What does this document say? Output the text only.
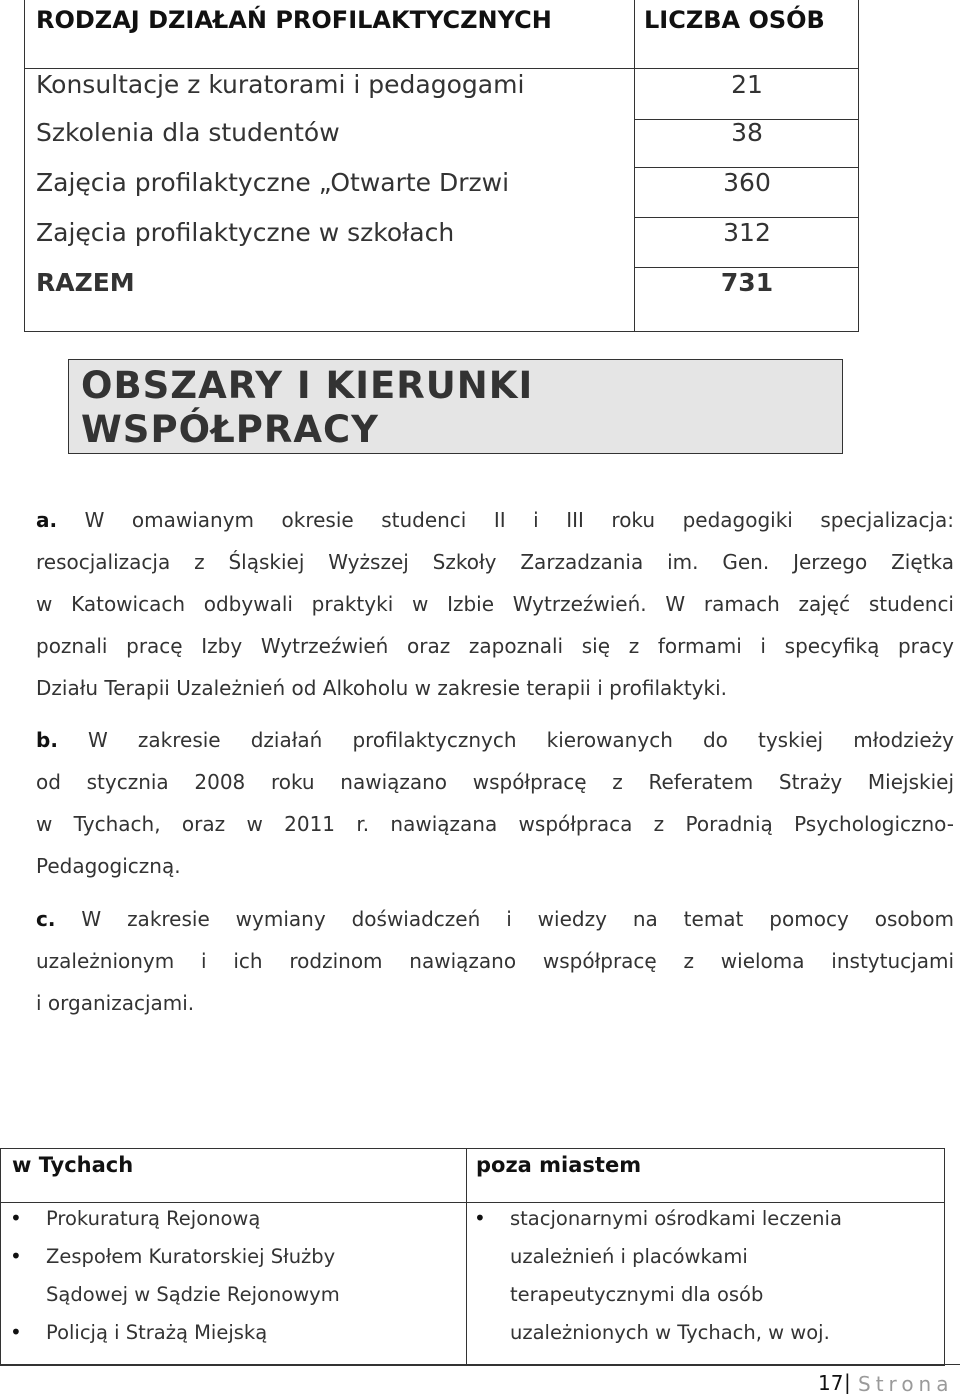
RODZAJ DZIAŁAŃ PROFILAKTYCZNYCH	LICZBA OSÓB
Konsultacje z kuratorami i pedagogami	21
Szkolenia dla studentów	38
Zajęcia profilaktyczne „Otwarte Drzwi	360
Zajęcia profilaktyczne w szkołach	312
RAZEM	731
OBSZARY I KIERUNKI
WSPÓŁPRACY
a. W omawianym okresie studenci II i III roku pedagogiki specjalizacja:
resocjalizacja z Śląskiej Wyższej Szkoły Zarzadzania im. Gen. Jerzego Ziętka
w Katowicach odbywali praktyki w Izbie Wytrzeźwień. W ramach zajęć studenci
poznali pracę Izby Wytrzeźwień oraz zapoznali się z formami i specyfiką pracy
Działu Terapii Uzależnień od Alkoholu w zakresie terapii i profilaktyki.
b. W zakresie działań profilaktycznych kierowanych do tyskiej młodzieży
od stycznia 2008 roku nawiązano współpracę z Referatem Straży Miejskiej
w Tychach, oraz w 2011 r. nawiązana współpraca z Poradnią Psychologiczno-
Pedagogiczną.
c. W zakresie wymiany doświadczeń i wiedzy na temat pomocy osobom
uzależnionym i ich rodzinom nawiązano współpracę z wieloma instytucjami
i organizacjami.
w Tychach	poza miastem
• Prokuraturą Rejonową
• Zespołem Kuratorskiej Służby
Sądowej w Sądzie Rejonowym
• Policją i Strażą Miejską
• stacjonarnymi ośrodkami leczenia
uzależnień i placówkami
terapeutycznymi dla osób
uzależnionych w Tychach, w woj.
17 | Strona
